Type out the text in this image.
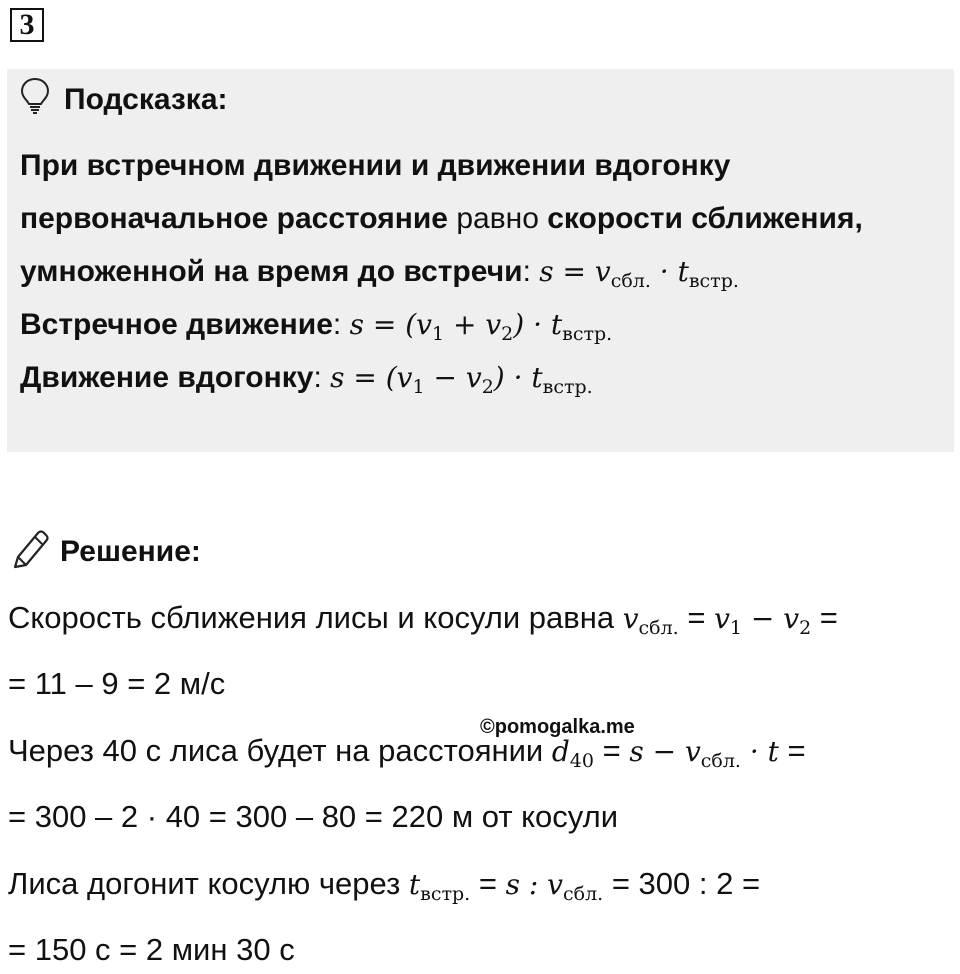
3
Подсказка:
При встречном движении и движении вдогонку
первоначальное расстояние равно скорости сближения,
умноженной на время до встречи: $s = v_{сбл.} \cdot t_{встр.}$
Встречное движение: $s = (v_1 + v_2) \cdot t_{встр.}$
Движение вдогонку: $s = (v_1 - v_2) \cdot t_{встр.}$
Решение:
Скорость сближения лисы и косули равна $v_{сбл.} = v_1 - v_2$ =
= 11 – 9 = 2 м/с
©pomogalka.me
Через 40 с лиса будет на расстоянии $d_{40} = s - v_{сбл.} \cdot t$ =
= 300 – 2 · 40 = 300 – 80 = 220 м от косули
Лиса догонит косулю через $t_{встр.} = s$ : $v_{сбл.} = 300$ : 2 =
= 150 с = 2 мин 30 с
